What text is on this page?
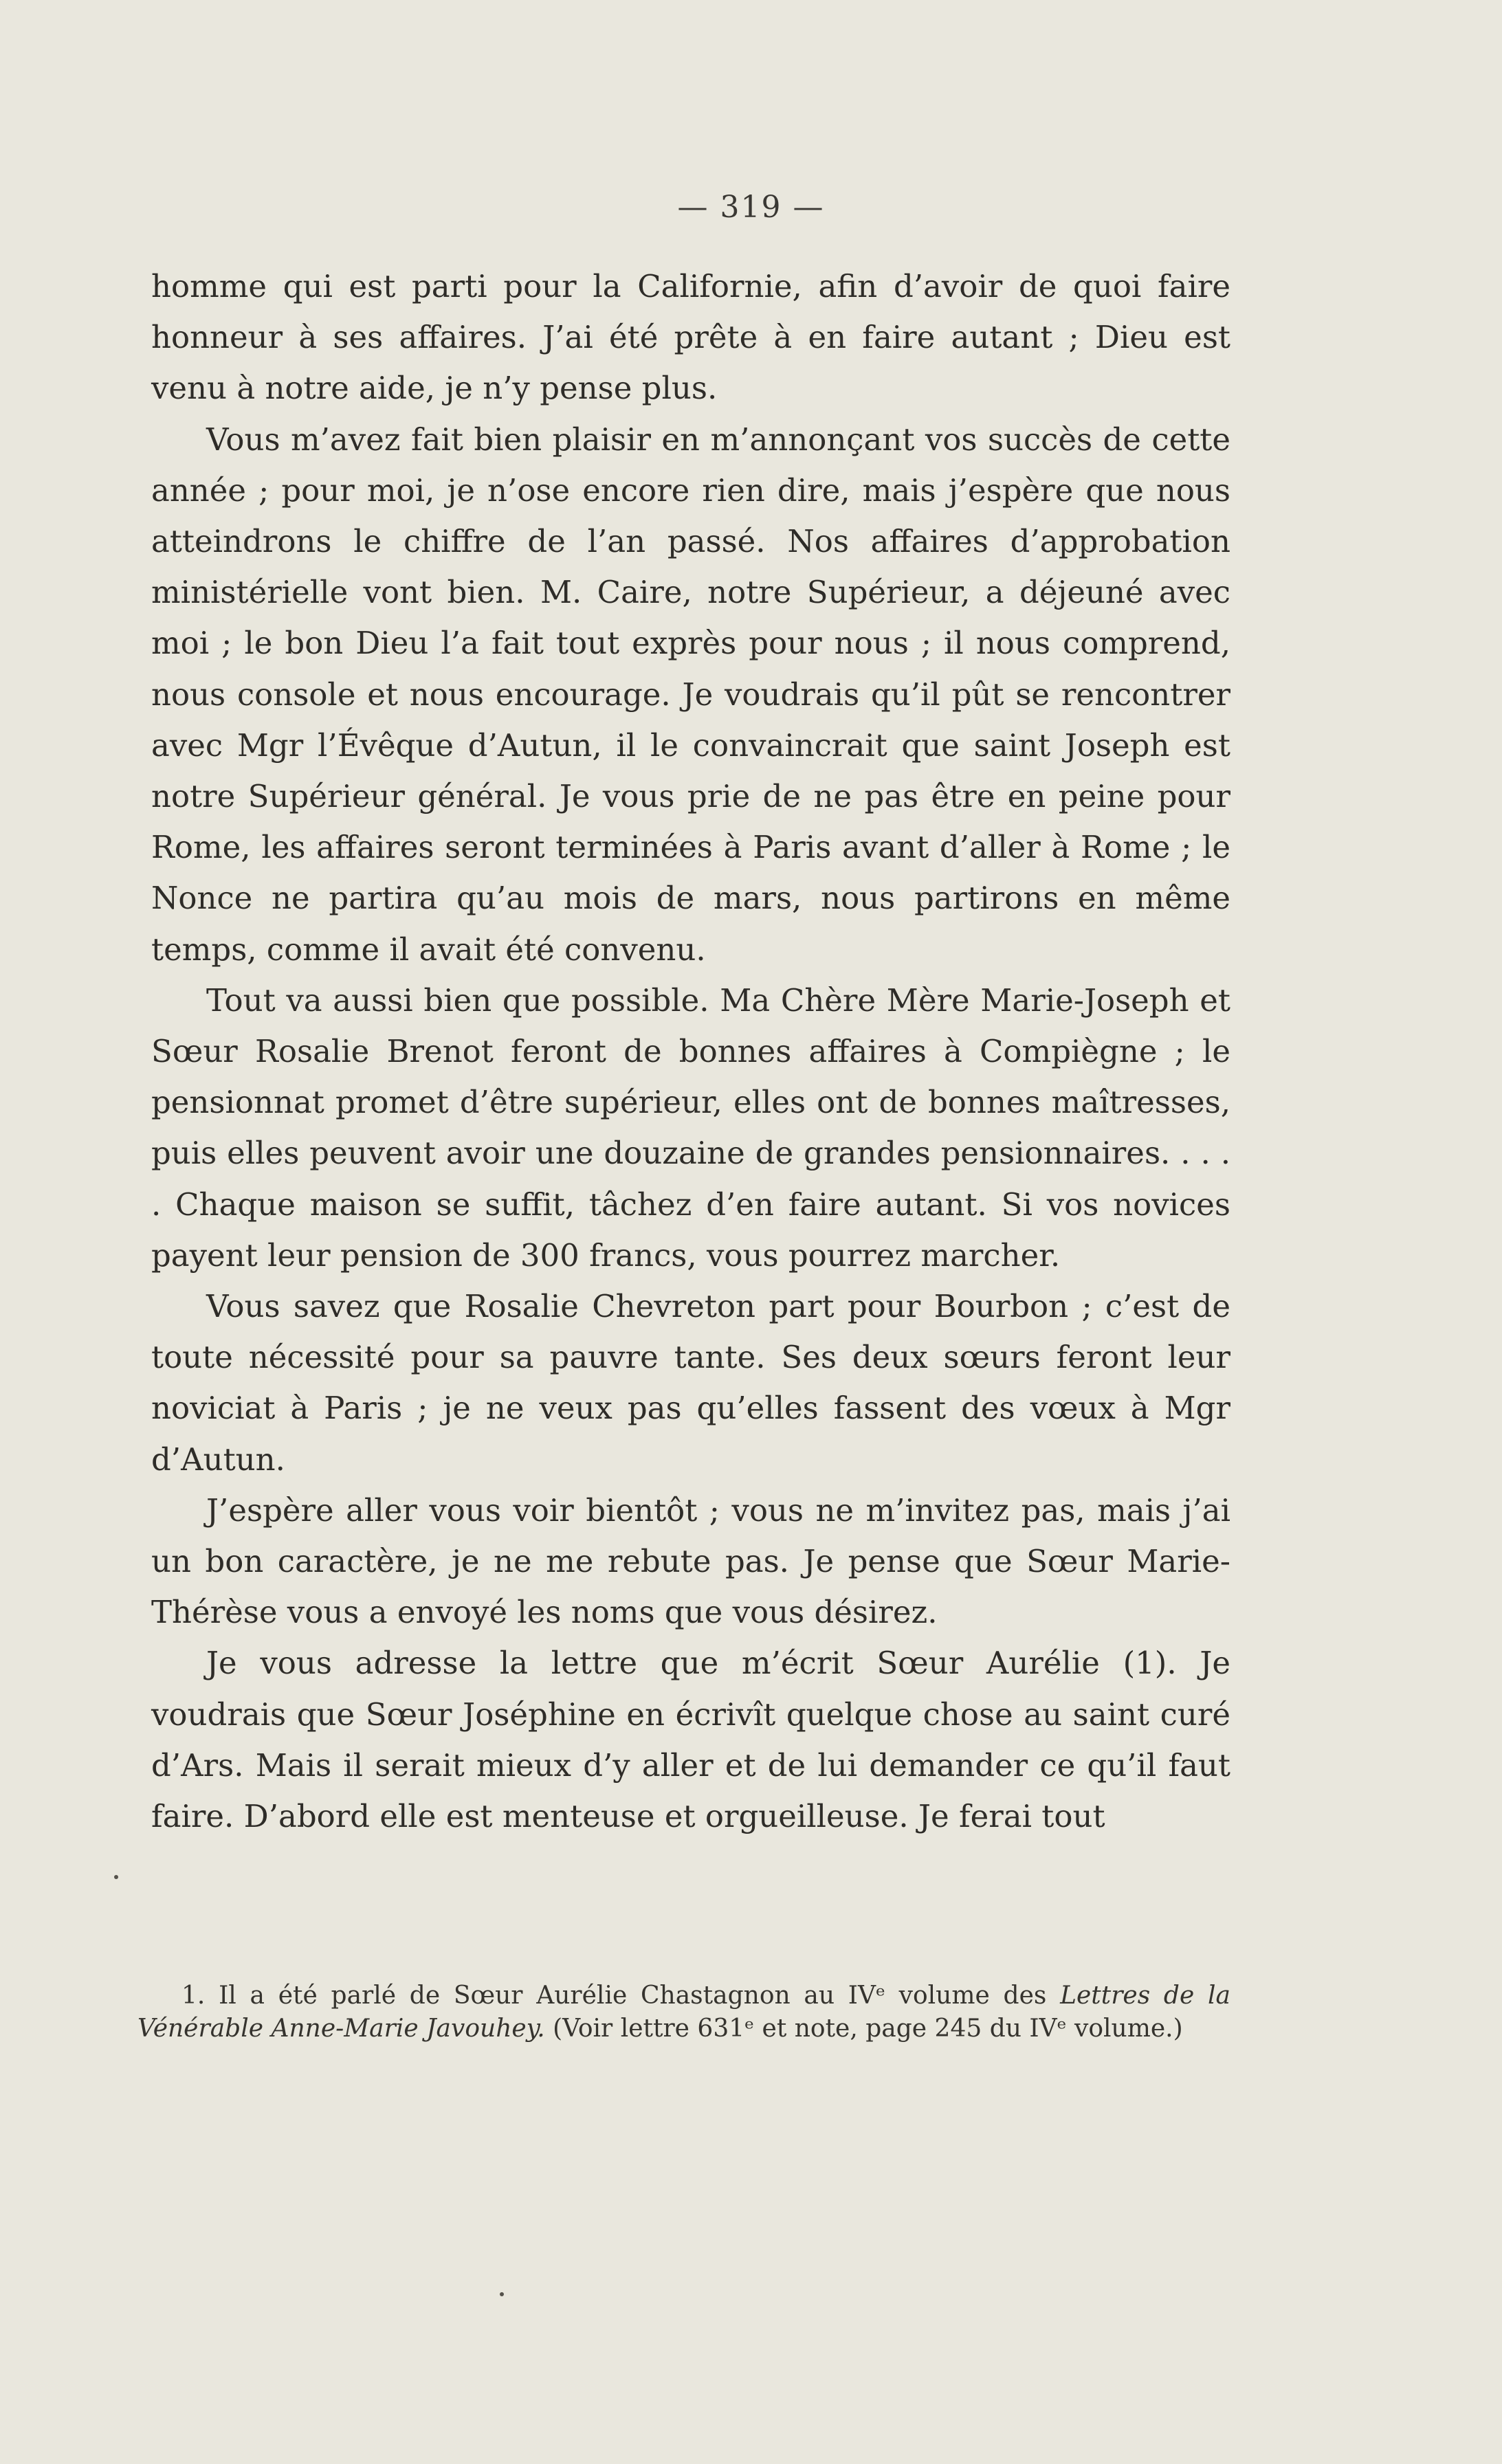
— 319 —

homme qui est parti pour la Californie, afin d’avoir de quoi faire honneur à ses affaires. J’ai été prête à en faire autant ; Dieu est venu à notre aide, je n’y pense plus.

Vous m’avez fait bien plaisir en m’annonçant vos succès de cette année ; pour moi, je n’ose encore rien dire, mais j’espère que nous atteindrons le chiffre de l’an passé. Nos affaires d’approbation ministérielle vont bien. M. Caire, notre Supérieur, a déjeuné avec moi ; le bon Dieu l’a fait tout exprès pour nous ; il nous comprend, nous console et nous encourage. Je voudrais qu’il pût se rencontrer avec Mgr l’Évêque d’Autun, il le convaincrait que saint Joseph est notre Supérieur général. Je vous prie de ne pas être en peine pour Rome, les affaires seront terminées à Paris avant d’aller à Rome ; le Nonce ne partira qu’au mois de mars, nous partirons en même temps, comme il avait été convenu.

Tout va aussi bien que possible. Ma Chère Mère Marie-Joseph et Sœur Rosalie Brenot feront de bonnes affaires à Compiègne ; le pensionnat promet d’être supérieur, elles ont de bonnes maîtresses, puis elles peuvent avoir une douzaine de grandes pensionnaires. . . . . Chaque maison se suffit, tâchez d’en faire autant. Si vos novices payent leur pension de 300 francs, vous pourrez marcher.

Vous savez que Rosalie Chevreton part pour Bourbon ; c’est de toute nécessité pour sa pauvre tante. Ses deux sœurs feront leur noviciat à Paris ; je ne veux pas qu’elles fassent des vœux à Mgr d’Autun.

J’espère aller vous voir bientôt ; vous ne m’invitez pas, mais j’ai un bon caractère, je ne me rebute pas. Je pense que Sœur Marie-Thérèse vous a envoyé les noms que vous désirez.

Je vous adresse la lettre que m’écrit Sœur Aurélie (1). Je voudrais que Sœur Joséphine en écrivît quelque chose au saint curé d’Ars. Mais il serait mieux d’y aller et de lui demander ce qu’il faut faire. D’abord elle est menteuse et orgueilleuse. Je ferai tout

1. Il a été parlé de Sœur Aurélie Chastagnon au IVᵉ volume des Lettres de la Vénérable Anne-Marie Javouhey. (Voir lettre 631ᵉ et note, page 245 du IVᵉ volume.)
